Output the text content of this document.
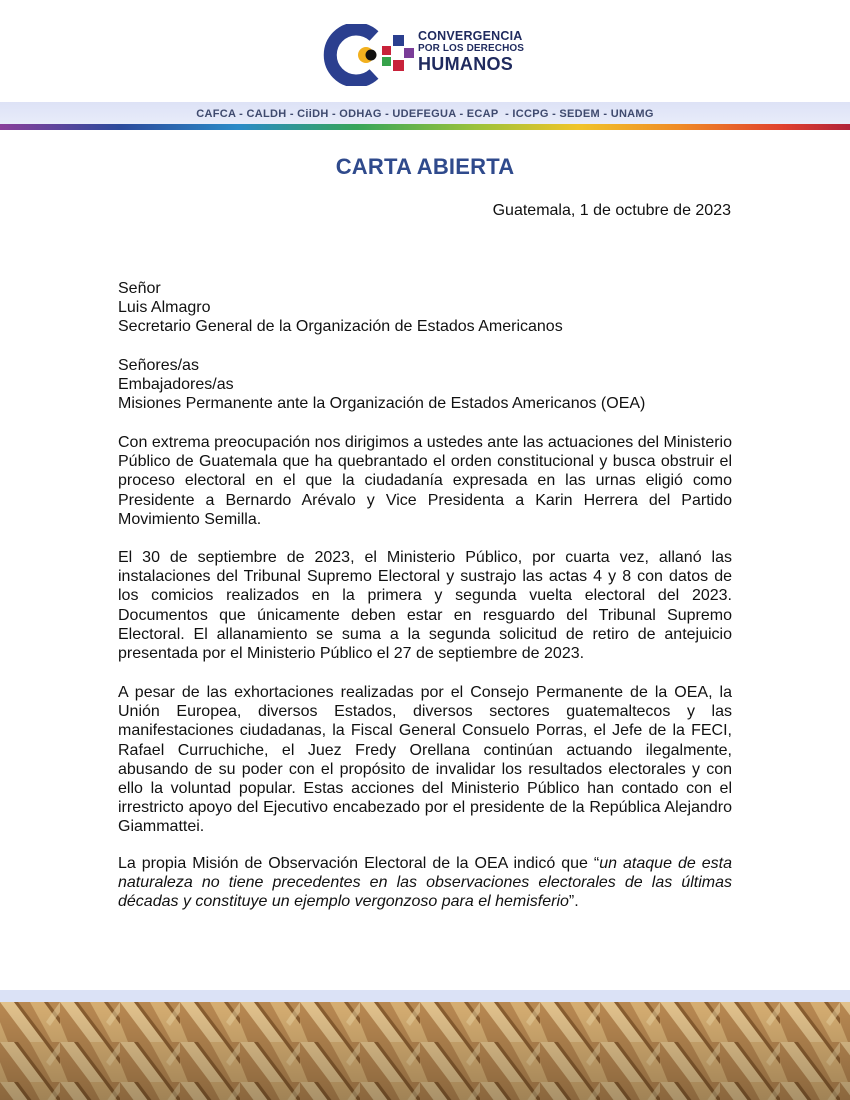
CONVERGENCIA
POR LOS DERECHOS
HUMANOS
CAFCA - CALDH - CiiDH - ODHAG - UDEFEGUA - ECAP  - ICCPG - SEDEM - UNAMG
CARTA ABIERTA
Guatemala, 1 de octubre de 2023
Señor
Luis Almagro
Secretario General de la Organización de Estados Americanos
Señores/as
Embajadores/as
Misiones Permanente ante la Organización de Estados Americanos (OEA)
Con extrema preocupación nos dirigimos a ustedes ante las actuaciones del Ministerio Público de Guatemala que ha quebrantado el orden constitucional y busca obstruir el proceso electoral en el que la ciudadanía expresada en las urnas eligió como Presidente a Bernardo Arévalo y Vice Presidenta a Karin Herrera del Partido Movimiento Semilla.
El 30 de septiembre de 2023, el Ministerio Público, por cuarta vez, allanó las instalaciones del Tribunal Supremo Electoral y sustrajo las actas 4 y 8 con datos de los comicios realizados en la primera y segunda vuelta electoral del 2023. Documentos que únicamente deben estar en resguardo del Tribunal Supremo Electoral. El allanamiento se suma a la segunda solicitud de retiro de antejuicio presentada por el Ministerio Público el 27 de septiembre de 2023.
A pesar de las exhortaciones realizadas por el Consejo Permanente de la OEA, la Unión Europea, diversos Estados, diversos sectores guatemaltecos y las manifestaciones ciudadanas, la Fiscal General Consuelo Porras, el Jefe de la FECI, Rafael Curruchiche, el Juez Fredy Orellana continúan actuando ilegalmente, abusando de su poder con el propósito de invalidar los resultados electorales y con ello la voluntad popular. Estas acciones del Ministerio Público han contado con el irrestricto apoyo del Ejecutivo encabezado por el presidente de la República Alejandro Giammattei.
La propia Misión de Observación Electoral de la OEA indicó que “un ataque de esta naturaleza no tiene precedentes en las observaciones electorales de las últimas décadas y constituye un ejemplo vergonzoso para el hemisferio”.
